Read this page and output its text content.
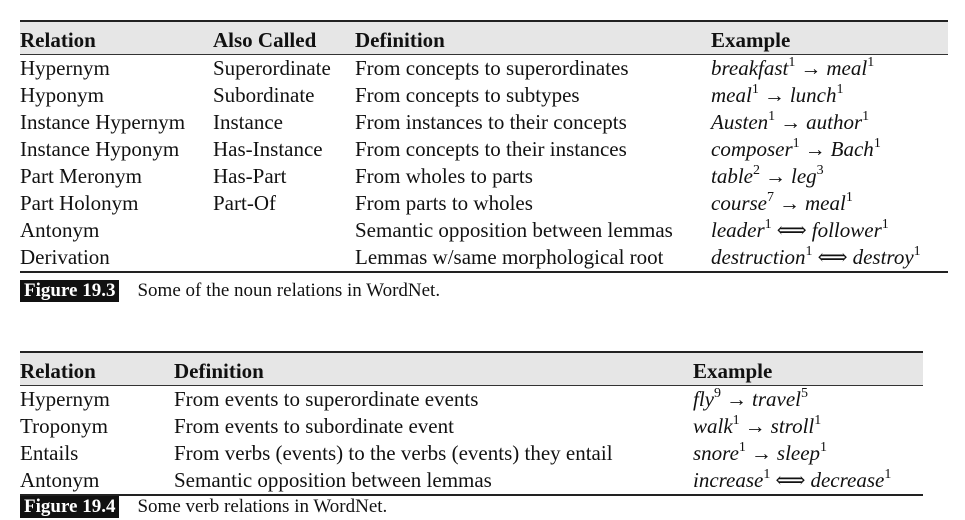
Relation	Also Called	Definition	Example
Hypernym	Superordinate	From concepts to superordinates	breakfast$^1$ → meal$^1$
Hyponym	Subordinate	From concepts to subtypes	meal$^1$ → lunch$^1$
Instance Hypernym	Instance	From instances to their concepts	Austen$^1$ → author$^1$
Instance Hyponym	Has-Instance	From concepts to their instances	composer$^1$ → Bach$^1$
Part Meronym	Has-Part	From wholes to parts	table$^2$ → leg$^3$
Part Holonym	Part-Of	From parts to wholes	course$^7$ → meal$^1$
Antonym		Semantic opposition between lemmas	leader$^1$ ⟺ follower$^1$
Derivation		Lemmas w/same morphological root	destruction$^1$ ⟺ destroy$^1$
Figure 19.3 Some of the noun relations in WordNet.
Relation	Definition	Example
Hypernym	From events to superordinate events	fly$^9$ → travel$^5$
Troponym	From events to subordinate event	walk$^1$ → stroll$^1$
Entails	From verbs (events) to the verbs (events) they entail	snore$^1$ → sleep$^1$
Antonym	Semantic opposition between lemmas	increase$^1$ ⟺ decrease$^1$
Figure 19.4 Some verb relations in WordNet.
